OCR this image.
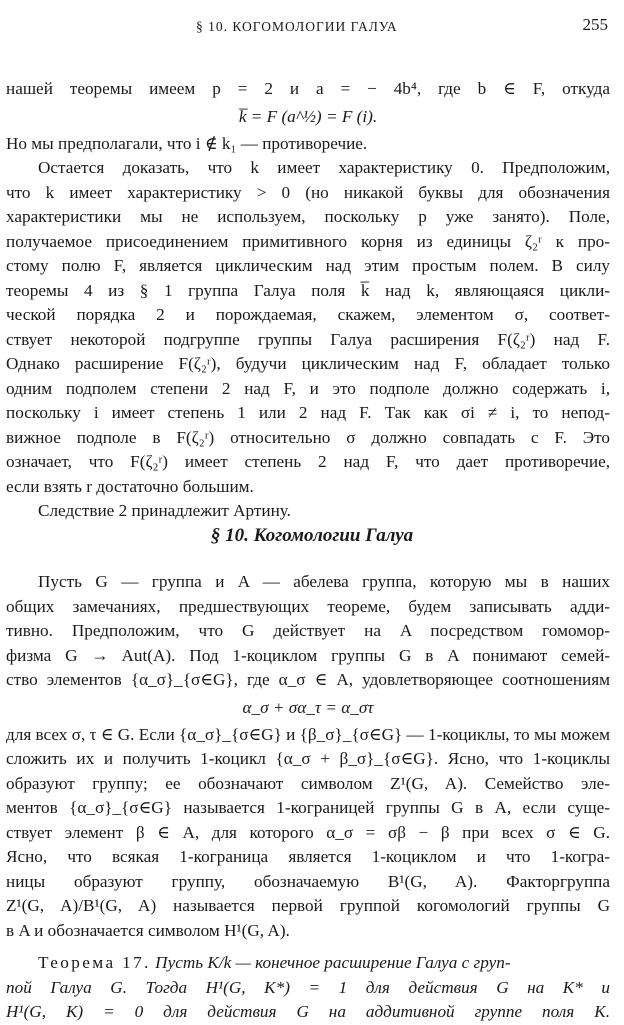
§ 10. КОГОМОЛОГИИ ГАЛУА	255
нашей теоремы имеем p = 2 и a = − 4b⁴, где b ∈ F, откуда
k̅ = F (a^½) = F (i).
Но мы предполагали, что i ∉ k₁ — противоречие.
Остается доказать, что k имеет характеристику 0. Предположим,
что k имеет характеристику > 0 (но никакой буквы для обозначения
характеристики мы не используем, поскольку p уже занято). Поле,
получаемое присоединением примитивного корня из единицы ζ₂ʳ к про-
стому полю F, является циклическим над этим простым полем. В силу
теоремы 4 из § 1 группа Галуа поля k̅ над k, являющаяся цикли-
ческой порядка 2 и порождаемая, скажем, элементом σ, соответ-
ствует некоторой подгруппе группы Галуа расширения F(ζ₂ʳ) над F.
Однако расширение F(ζ₂ʳ), будучи циклическим над F, обладает только
одним подполем степени 2 над F, и это подполе должно содержать i,
поскольку i имеет степень 1 или 2 над F. Так как σi ≠ i, то непод-
вижное подполе в F(ζ₂ʳ) относительно σ должно совпадать с F. Это
означает, что F(ζ₂ʳ) имеет степень 2 над F, что дает противоречие,
если взять r достаточно большим.
Следствие 2 принадлежит Артину.
§ 10. Когомологии Галуа
Пусть G — группа и A — абелева группа, которую мы в наших
общих замечаниях, предшествующих теореме, будем записывать адди-
тивно. Предположим, что G действует на A посредством гомомор-
физма G → Aut(A). Под 1-коциклом группы G в A понимают семей-
ство элементов {α_σ}_{σ∈G}, где α_σ ∈ A, удовлетворяющее соотношениям
α_σ + σα_τ = α_στ
для всех σ, τ ∈ G. Если {α_σ}_{σ∈G} и {β_σ}_{σ∈G} — 1-коциклы, то мы можем
сложить их и получить 1-коцикл {α_σ + β_σ}_{σ∈G}. Ясно, что 1-коциклы
образуют группу; ее обозначают символом Z¹(G, A). Семейство эле-
ментов {α_σ}_{σ∈G} называется 1-кограницей группы G в A, если суще-
ствует элемент β ∈ A, для которого α_σ = σβ − β при всех σ ∈ G.
Ясно, что всякая 1-кограница является 1-коциклом и что 1-когра-
ницы образуют группу, обозначаемую B¹(G, A). Факторгруппа
Z¹(G, A)/B¹(G, A) называется первой группой когомологий группы G
в A и обозначается символом H¹(G, A).
Теорема 17. Пусть K/k — конечное расширение Галуа с груп-
пой Галуа G. Тогда H¹(G, K*) = 1 для действия G на K* и
H¹(G, K) = 0 для действия G на аддитивной группе поля K.
